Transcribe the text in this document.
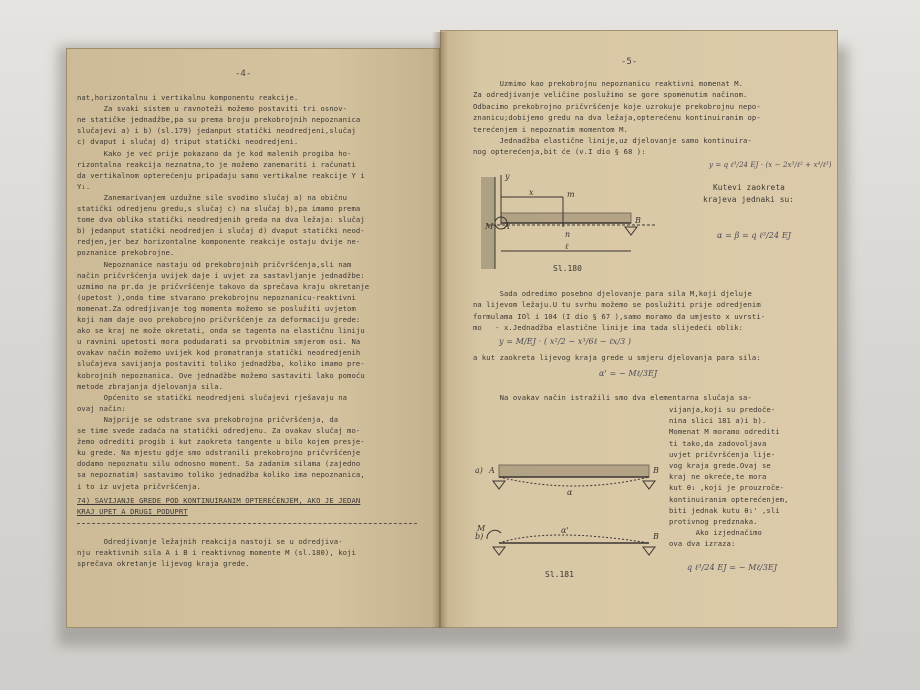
-4-
nat,horizontalnu i vertikalnu komponentu reakcije.
Za svaki sistem u ravnoteži možemo postaviti tri osnov-
ne statičke jednadžbe,pa su prema broju prekobrojnih nepoznanica
slučajevi a) i b) (sl.179) jedanput statički neodredjeni,slučaj
c) dvaput i slučaj d) triput statički neodredjeni.
Kako je već prije pokazano da je kod malenih progiba ho-
rizontalna reakcija neznatna,to je možemo zanemariti i računati
da vertikalnom opterećenju pripadaju samo vertikalne reakcije Y i
Y₁.
Zanemarivanjem uzdužne sile svodimo slučaj a) na običnu
statički odredjenu gredu,s slučaj c) na slučaj b),pa imamo prema
tome dva oblika statički neodredjenih greda na dva ležaja: slučaj
b) jedanput statički neodredjen i slučaj d) dvaput statički neod-
redjen,jer bez horizontalne komponente reakcije ostaju dvije ne-
poznanice prekobrojne.
Nepoznanice nastaju od prekobrojnih pričvršćenja,sli nam
način pričvršćenja uvijek daje i uvjet za sastavljanje jednadžbe:
uzmimo na pr.da je pričvršćenje takovo da sprečava kraju okretanje
(upetost ),onda time stvarano prekobrojnu nepoznanicu-reaktivni
momenat.Za odredjivanje tog momenta možemo se poslužiti uvjetom
koji nam daje ovo prekobrojno pričvršćenje za deformaciju grede:
ako se kraj ne može okretati, onda se tagenta na elastičnu liniju
u ravnini upetosti mora podudarati sa prvobitnim smjerom osi. Na
ovakav način možemo uvijek kod promatranja statički neodredjenih
slučajeva savijanja postaviti toliko jednadžba, koliko imamo pre-
kobrojnih nepoznanica. Ove jednadžbe možemo sastaviti lako pomoću
metode zbrajanja djelovanja sila.
Općenito se statički neodredjeni slučajevi rješavaju na
ovaj način:
Najprije se odstrane sva prekobrojna pričvršćenja, da
se time svede zadaća na statički odredjenu. Za ovakav slučaj mo-
žemo odrediti progib i kut zaokreta tangente u bilo kojem presje-
ku grede. Na mjestu gdje smo odstranili prekobrojno pričvršćenje
dodamo nepoznatu silu odnosno moment. Sa zadanim silama (zajedno
sa nepoznatim) sastavimo toliko jednadžba koliko ima nepoznanica,
i to iz uvjeta pričvršćenja.
74) SAVIJANJE GREDE POD KONTINUIRANIM OPTEREĆENJEM, AKO JE JEDAN
KRAJ UPET A DRUGI PODUPRT
Odredjivanje ležajnih reakcija nastoji se u odredjiva-
nju reaktivnih sila A i B i reaktivnog momente M (sl.180), koji
sprečava okretanje lijevog kraja grede.
-5-
Uzmimo kao prekobrojnu nepoznanicu reaktivni momenat M.
Za odredjivanje veličine poslužimo se gore spomenutim načinom.
Odbacimo prekobrojno pričvršćenje koje uzrokuje prekobrojnu nepo-
znanicu;dobijemo gredu na dva ležaja,opterećenu kontinuiranim op-
terećenjem i nepoznatim momentom M.
Jednadžba elastične linije,uz djelovanje samo kontinuira-
nog opterećenja,bit će (v.I dio § 68 ):
y = q ℓ³/24 EJ · (x − 2x³/ℓ² + x⁴/ℓ³)
Kutevi zaokreta
krajeva jednaki su:
α = β = q ℓ³/24 EJ
y
A
B
M
x	m
n
ℓ
Sl.180
Sada odredimo posebno djelovanje para sila M,koji djeluje
na lijevom ležaju.U tu svrhu možemo se poslužiti prije odredjenim
formulama IOl i 104 (I dio § 67 ),samo moramo da umjesto x uvrsti-
mo   - x.Jednadžba elastične linije ima tada slijedeći oblik:
y = M/EJ · ( x²/2 − x³/6ℓ − ℓx/3 )
a kut zaokreta lijevog kraja grede u smjeru djelovanja para sila:
α' = − Mℓ/3EJ
Na ovakav način istražili smo dva elementarna slučaja sa-
vijanja,koji su predoče-
nina slici 181 a)i b).
Momenat M moramo odrediti
ti tako,da zadovoljava
uvjet pričvršćenja lije-
vog kraja grede.Ovaj se
kraj ne okreće,te mora
kut θ₁ ,koji je prouzroče-
kontinuiranim opterećenjem,
biti jednak kutu θ₁' ,sli
protivnog predznaka.
Ako izjednačimo
ova dva izraza:
q ℓ³/24 EJ = − Mℓ/3EJ
a)
b)
A	B
α
B
α'
M
Sl.181
